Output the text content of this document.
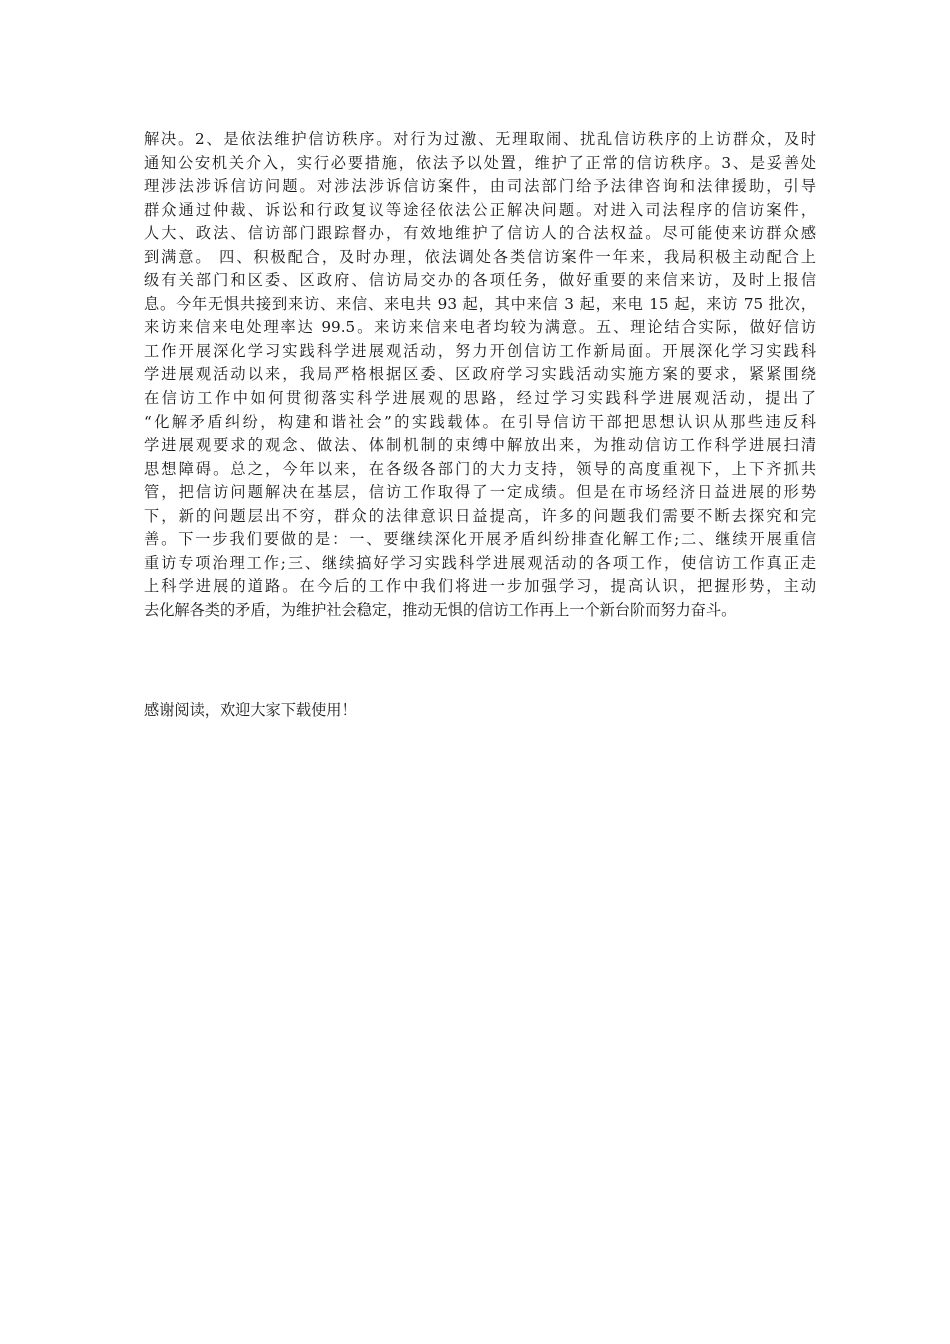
解决。2、是依法维护信访秩序。对行为过激、无理取闹、扰乱信访秩序的上访群众，及时
通知公安机关介入，实行必要措施，依法予以处置，维护了正常的信访秩序。3、是妥善处
理涉法涉诉信访问题。对涉法涉诉信访案件，由司法部门给予法律咨询和法律援助，引导
群众通过仲裁、诉讼和行政复议等途径依法公正解决问题。对进入司法程序的信访案件，
人大、政法、信访部门跟踪督办，有效地维护了信访人的合法权益。尽可能使来访群众感
到满意。 四、积极配合，及时办理，依法调处各类信访案件一年来，我局积极主动配合上
级有关部门和区委、区政府、信访局交办的各项任务，做好重要的来信来访，及时上报信
息。今年无惧共接到来访、来信、来电共 93 起，其中来信 3 起，来电 15 起，来访 75 批次，
来访来信来电处理率达 99.5。来访来信来电者均较为满意。五、理论结合实际，做好信访
工作开展深化学习实践科学进展观活动，努力开创信访工作新局面。开展深化学习实践科
学进展观活动以来，我局严格根据区委、区政府学习实践活动实施方案的要求，紧紧围绕
在信访工作中如何贯彻落实科学进展观的思路，经过学习实践科学进展观活动，提出了
“化解矛盾纠纷，构建和谐社会”的实践载体。在引导信访干部把思想认识从那些违反科
学进展观要求的观念、做法、体制机制的束缚中解放出来，为推动信访工作科学进展扫清
思想障碍。总之，今年以来，在各级各部门的大力支持，领导的高度重视下，上下齐抓共
管，把信访问题解决在基层，信访工作取得了一定成绩。但是在市场经济日益进展的形势
下，新的问题层出不穷，群众的法律意识日益提高，许多的问题我们需要不断去探究和完
善。下一步我们要做的是：一、要继续深化开展矛盾纠纷排查化解工作;二、继续开展重信
重访专项治理工作;三、继续搞好学习实践科学进展观活动的各项工作，使信访工作真正走
上科学进展的道路。在今后的工作中我们将进一步加强学习，提高认识，把握形势，主动
去化解各类的矛盾，为维护社会稳定，推动无惧的信访工作再上一个新台阶而努力奋斗。

感谢阅读，欢迎大家下载使用！
